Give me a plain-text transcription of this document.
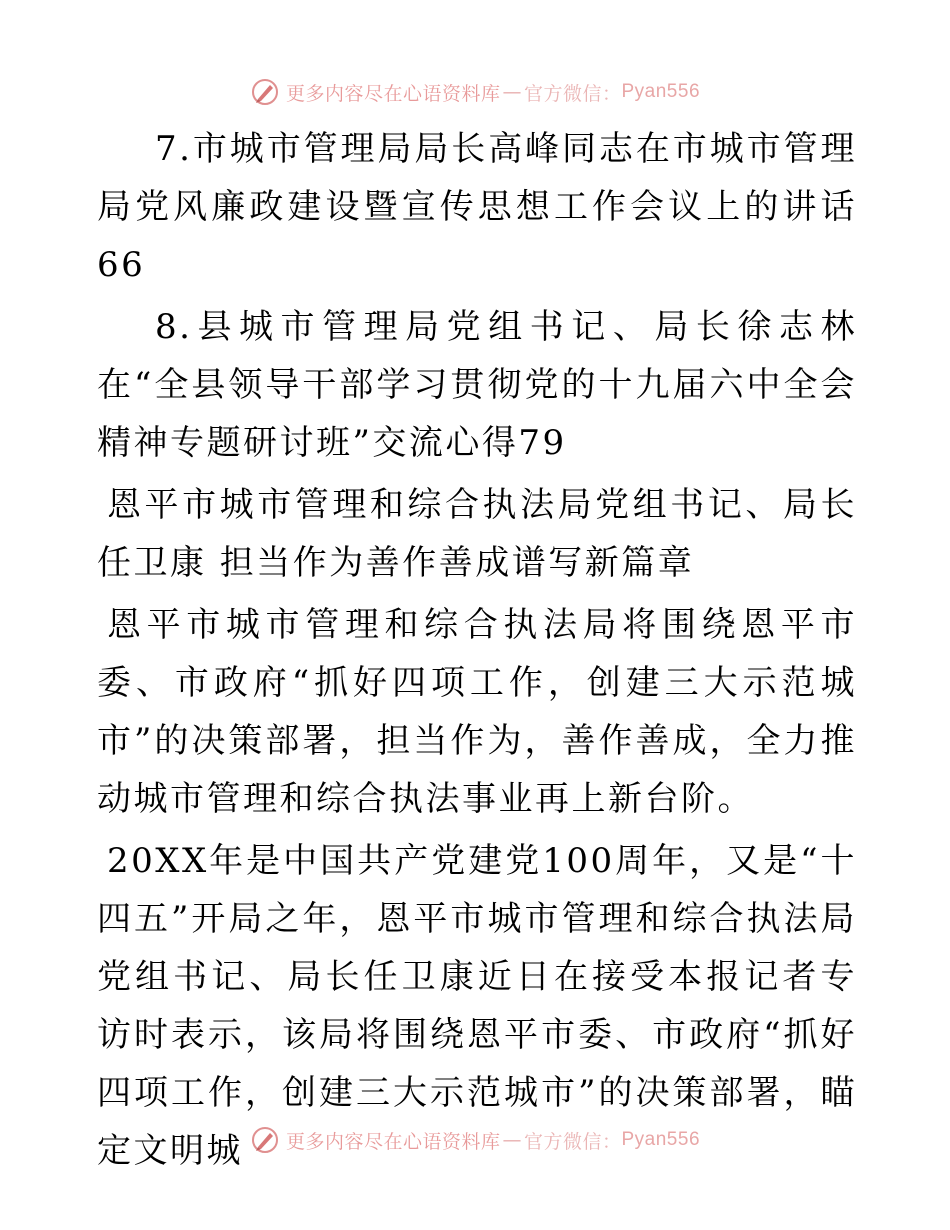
更多内容尽在心语资料库 — 官方微信： Pyan556

7.市城市管理局局长高峰同志在市城市管理局党风廉政建设暨宣传思想工作会议上的讲话 66

8.县城市管理局党组书记、局长徐志林在“全县领导干部学习贯彻党的十九届六中全会精神专题研讨班”交流心得79

恩平市城市管理和综合执法局党组书记、局长任卫康 担当作为善作善成谱写新篇章

恩平市城市管理和综合执法局将围绕恩平市委、市政府“抓好四项工作，创建三大示范城市”的决策部署，担当作为，善作善成，全力推动城市管理和综合执法事业再上新台阶。

20XX年是中国共产党建党100周年，又是“十四五”开局之年，恩平市城市管理和综合执法局党组书记、局长任卫康近日在接受本报记者专访时表示，该局将围绕恩平市委、市政府“抓好四项工作，创建三大示范城市”的决策部署，瞄定文明城	更多内容尽在心语资料库 — 官方微信： Pyan556
